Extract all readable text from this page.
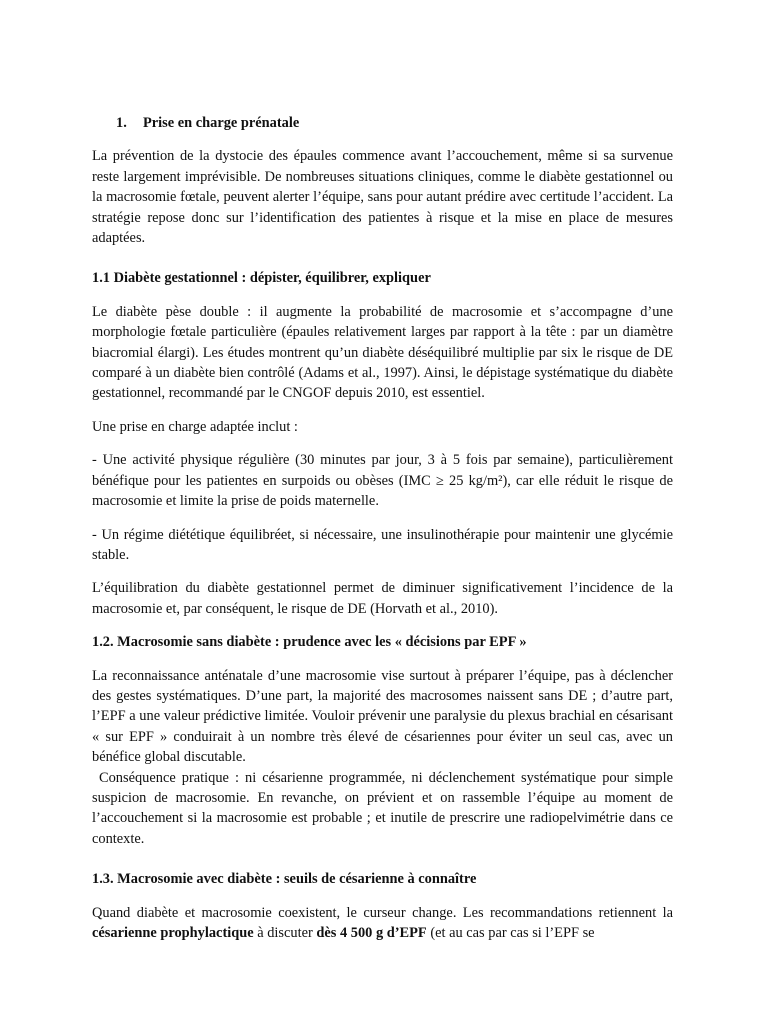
1. Prise en charge prénatale

La prévention de la dystocie des épaules commence avant l’accouchement, même si sa survenue reste largement imprévisible. De nombreuses situations cliniques, comme le diabète gestationnel ou la macrosomie fœtale, peuvent alerter l’équipe, sans pour autant prédire avec certitude l’accident. La stratégie repose donc sur l’identification des patientes à risque et la mise en place de mesures adaptées.

1.1 Diabète gestationnel : dépister, équilibrer, expliquer

Le diabète pèse double : il augmente la probabilité de macrosomie et s’accompagne d’une morphologie fœtale particulière (épaules relativement larges par rapport à la tête : par un diamètre biacromial élargi). Les études montrent qu’un diabète déséquilibré multiplie par six le risque de DE comparé à un diabète bien contrôlé (Adams et al., 1997). Ainsi, le dépistage systématique du diabète gestationnel, recommandé par le CNGOF depuis 2010, est essentiel.

Une prise en charge adaptée inclut :

- Une activité physique régulière (30 minutes par jour, 3 à 5 fois par semaine), particulièrement bénéfique pour les patientes en surpoids ou obèses (IMC ≥ 25 kg/m²), car elle réduit le risque de macrosomie et limite la prise de poids maternelle.

- Un régime diététique équilibréet, si nécessaire, une insulinothérapie pour maintenir une glycémie stable.

L’équilibration du diabète gestationnel permet de diminuer significativement l’incidence de la macrosomie et, par conséquent, le risque de DE (Horvath et al., 2010).

1.2. Macrosomie sans diabète : prudence avec les « décisions par EPF »

La reconnaissance anténatale d’une macrosomie vise surtout à préparer l’équipe, pas à déclencher des gestes systématiques. D’une part, la majorité des macrosomes naissent sans DE ; d’autre part, l’EPF a une valeur prédictive limitée. Vouloir prévenir une paralysie du plexus brachial en césarisant « sur EPF » conduirait à un nombre très élevé de césariennes pour éviter un seul cas, avec un bénéfice global discutable.

Conséquence pratique : ni césarienne programmée, ni déclenchement systématique pour simple suspicion de macrosomie. En revanche, on prévient et on rassemble l’équipe au moment de l’accouchement si la macrosomie est probable ; et inutile de prescrire une radiopelvimétrie dans ce contexte.

1.3. Macrosomie avec diabète : seuils de césarienne à connaître

Quand diabète et macrosomie coexistent, le curseur change. Les recommandations retiennent la césarienne prophylactique à discuter dès 4 500 g d’EPF (et au cas par cas si l’EPF se
